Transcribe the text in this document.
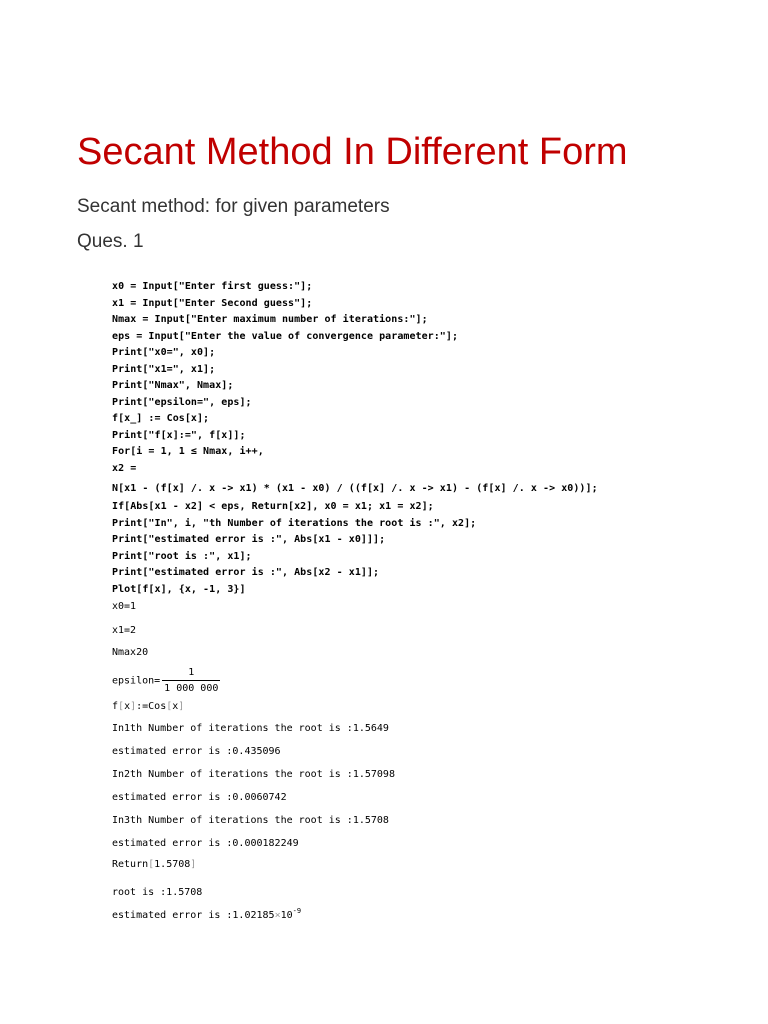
Secant Method In Different Form
Secant method: for given parameters
Ques. 1
x0 = Input["Enter first guess:"];
x1 = Input["Enter Second guess"];
Nmax = Input["Enter maximum number of iterations:"];
eps = Input["Enter the value of convergence parameter:"];
Print["x0=", x0];
Print["x1=", x1];
Print["Nmax", Nmax];
Print["epsilon=", eps];
f[x_] := Cos[x];
Print["f[x]:=", f[x]];
For[i = 1, 1 ≤ Nmax, i++,
x2 =
N[x1 - (f[x] /. x -> x1) * (x1 - x0) / ((f[x] /. x -> x1) - (f[x] /. x -> x0))];
If[Abs[x1 - x2] < eps, Return[x2], x0 = x1; x1 = x2];
Print["In", i, "th Number of iterations the root is :", x2];
Print["estimated error is :", Abs[x1 - x0]]];
Print["root is :", x1];
Print["estimated error is :", Abs[x2 - x1]];
Plot[f[x], {x, -1, 3}]
x0=1
x1=2
Nmax20
epsilon= $\frac{1}{1 000 000}$
f[x]:=Cos[x]
In1th Number of iterations the root is :1.5649
estimated error is :0.435096
In2th Number of iterations the root is :1.57098
estimated error is :0.0060742
In3th Number of iterations the root is :1.5708
estimated error is :0.000182249
Return[1.5708]
root is :1.5708
estimated error is $:1.02185\times 10^{-9}$
